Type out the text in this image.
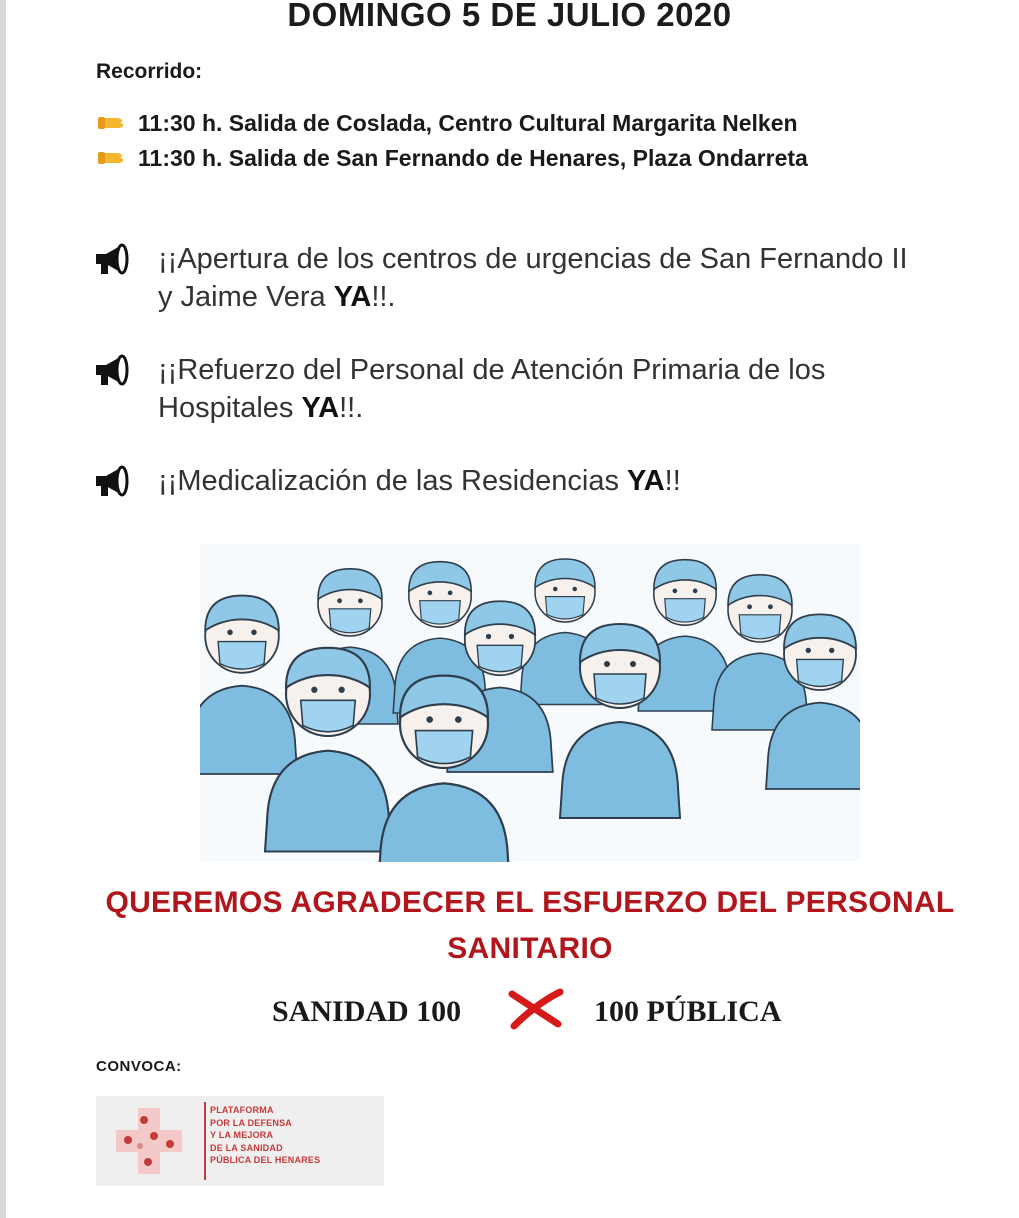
DOMINGO 5 DE JULIO 2020
Recorrido:
11:30 h. Salida de Coslada, Centro Cultural Margarita Nelken
11:30 h. Salida de San Fernando de Henares, Plaza Ondarreta
¡¡Apertura de los centros de urgencias de San Fernando II y Jaime Vera YA!!.
¡¡Refuerzo del Personal de Atención Primaria de los Hospitales YA!!.
¡¡Medicalización de las Residencias YA!!
QUEREMOS AGRADECER EL ESFUERZO DEL PERSONAL
SANITARIO
SANIDAD 100	100 PÚBLICA
CONVOCA:
PLATAFORMA
POR LA DEFENSA
Y LA MEJORA
DE LA SANIDAD
PÚBLICA DEL HENARES
